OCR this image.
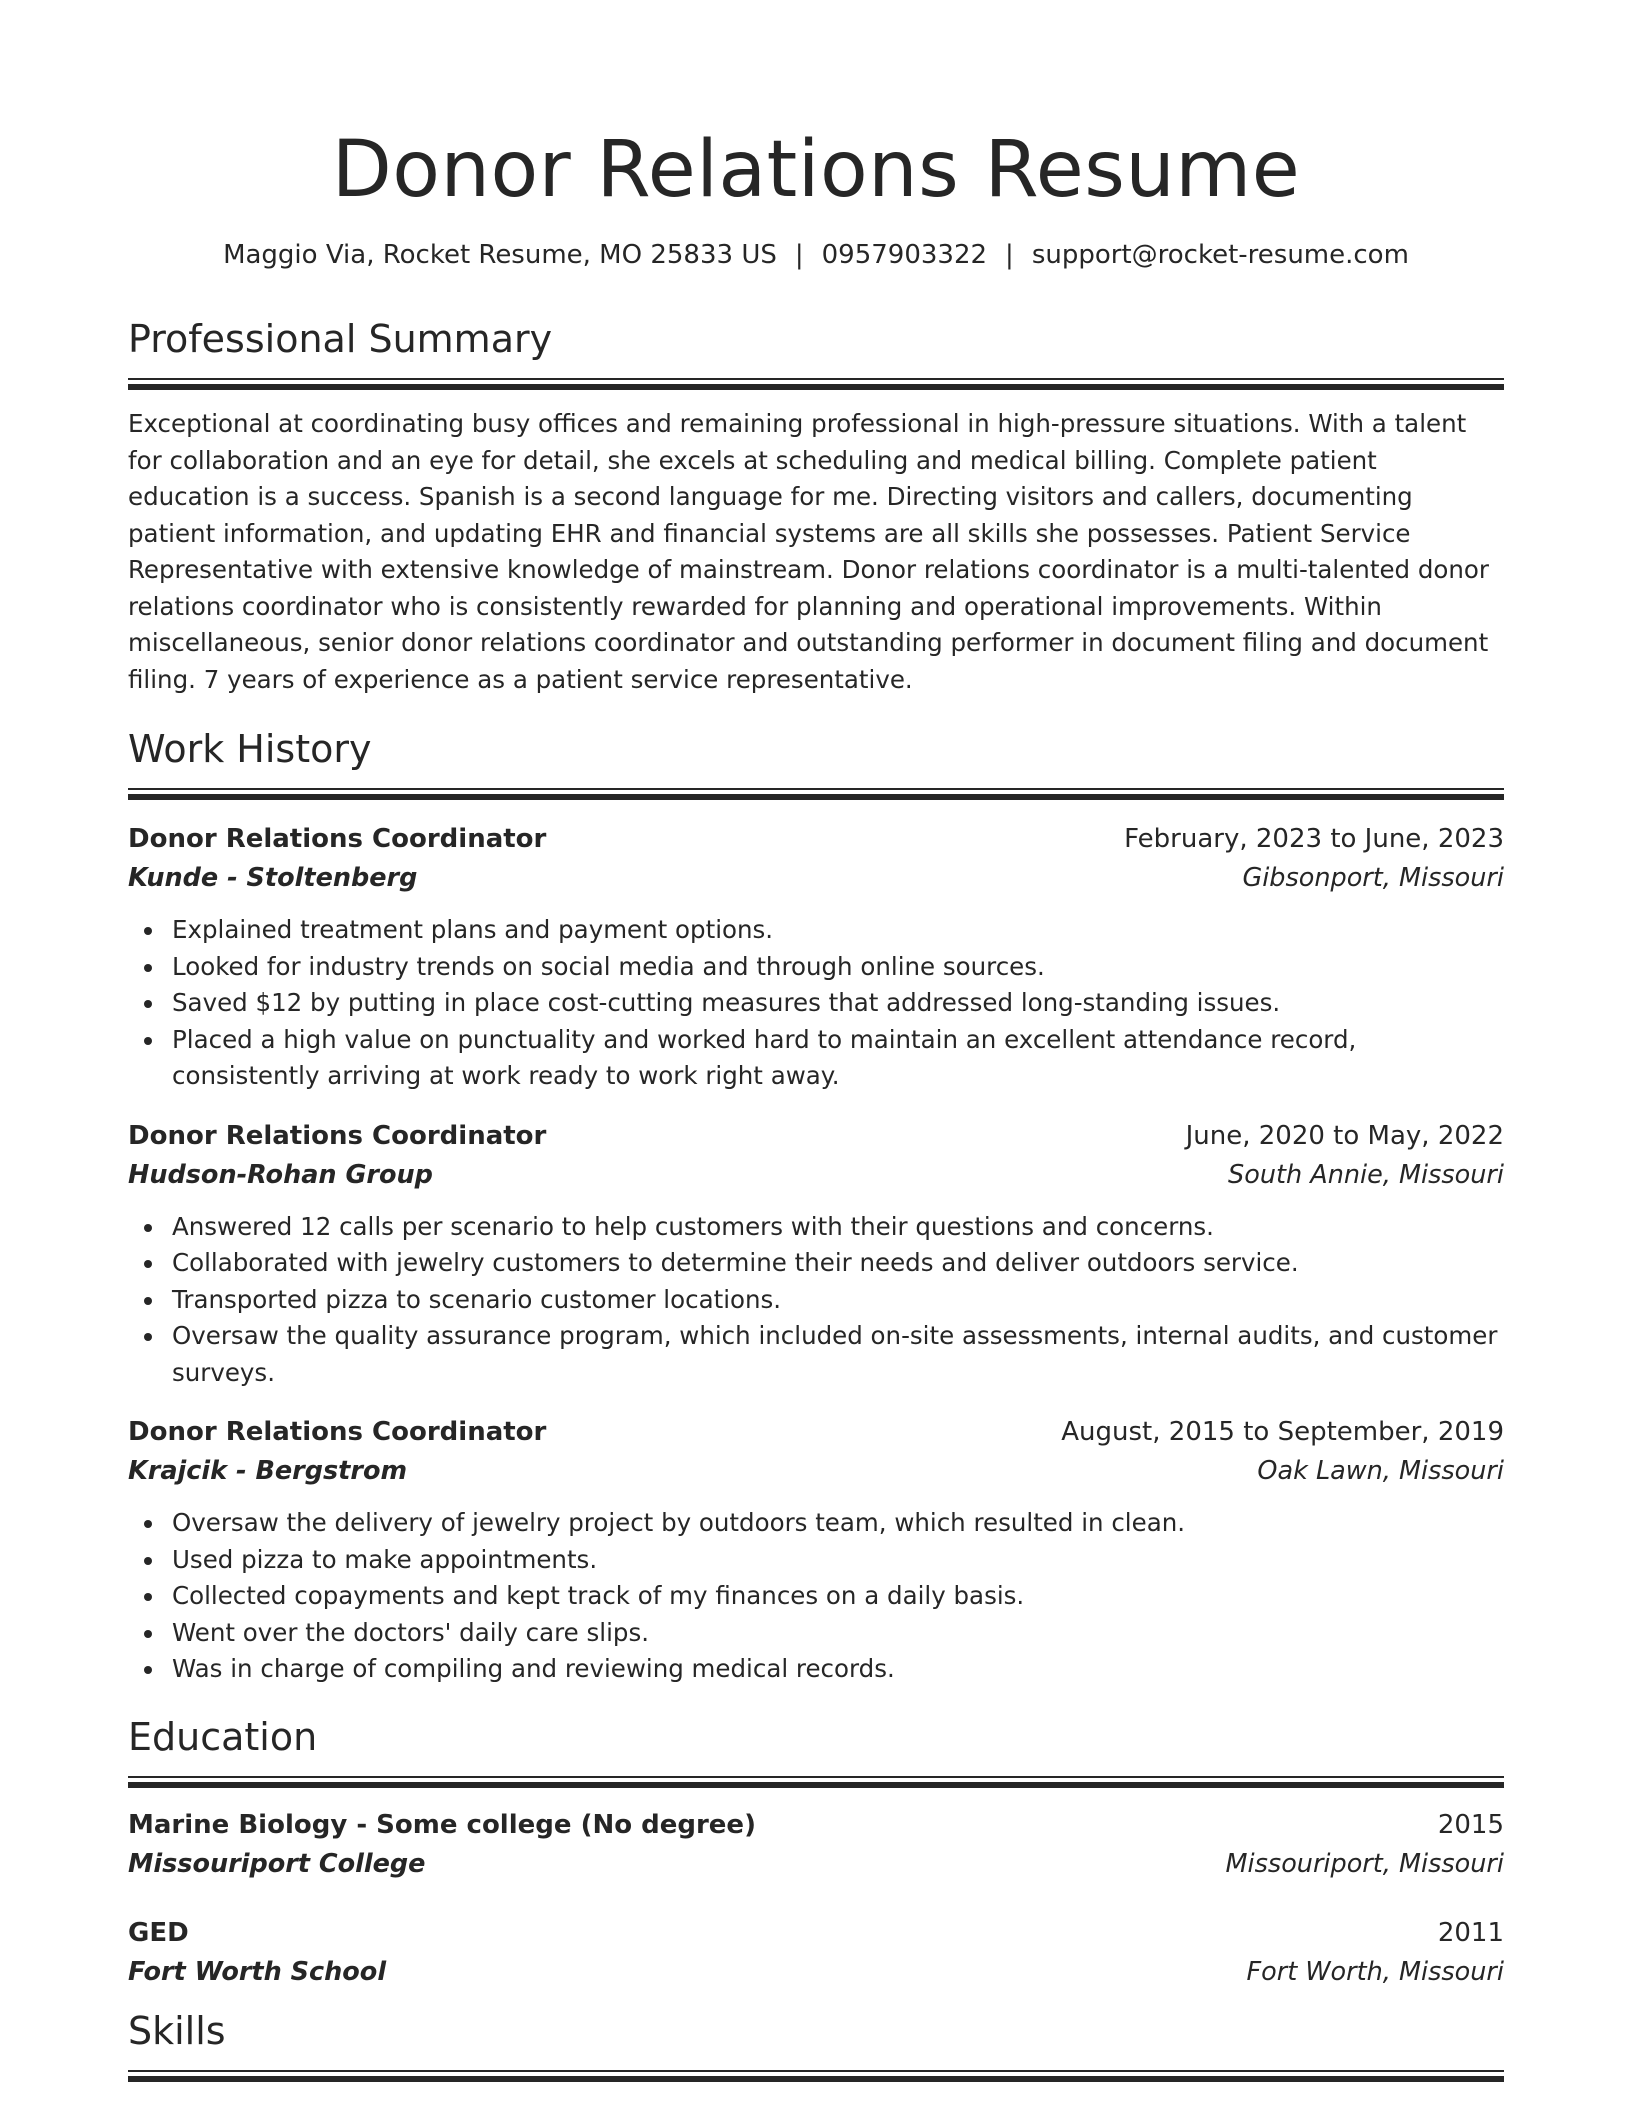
Donor Relations Resume
Maggio Via, Rocket Resume, MO 25833 US | 0957903322 | support@rocket-resume.com
Professional Summary

Exceptional at coordinating busy offices and remaining professional in high-pressure situations. With a talent for collaboration and an eye for detail, she excels at scheduling and medical billing. Complete patient education is a success. Spanish is a second language for me. Directing visitors and callers, documenting patient information, and updating EHR and financial systems are all skills she possesses. Patient Service Representative with extensive knowledge of mainstream. Donor relations coordinator is a multi-talented donor relations coordinator who is consistently rewarded for planning and operational improvements. Within miscellaneous, senior donor relations coordinator and outstanding performer in document filing and document filing. 7 years of experience as a patient service representative.

Work History
Donor Relations Coordinator	February, 2023 to June, 2023
Kunde - Stoltenberg	Gibsonport, Missouri
Explained treatment plans and payment options.
Looked for industry trends on social media and through online sources.
Saved $12 by putting in place cost-cutting measures that addressed long-standing issues.
Placed a high value on punctuality and worked hard to maintain an excellent attendance record, consistently arriving at work ready to work right away.
Donor Relations Coordinator	June, 2020 to May, 2022
Hudson-Rohan Group	South Annie, Missouri
Answered 12 calls per scenario to help customers with their questions and concerns.
Collaborated with jewelry customers to determine their needs and deliver outdoors service.
Transported pizza to scenario customer locations.
Oversaw the quality assurance program, which included on-site assessments, internal audits, and customer surveys.
Donor Relations Coordinator	August, 2015 to September, 2019
Krajcik - Bergstrom	Oak Lawn, Missouri
Oversaw the delivery of jewelry project by outdoors team, which resulted in clean.
Used pizza to make appointments.
Collected copayments and kept track of my finances on a daily basis.
Went over the doctors' daily care slips.
Was in charge of compiling and reviewing medical records.
Education
Marine Biology - Some college (No degree)	2015
Missouriport College	Missouriport, Missouri
GED	2011
Fort Worth School	Fort Worth, Missouri
Skills
